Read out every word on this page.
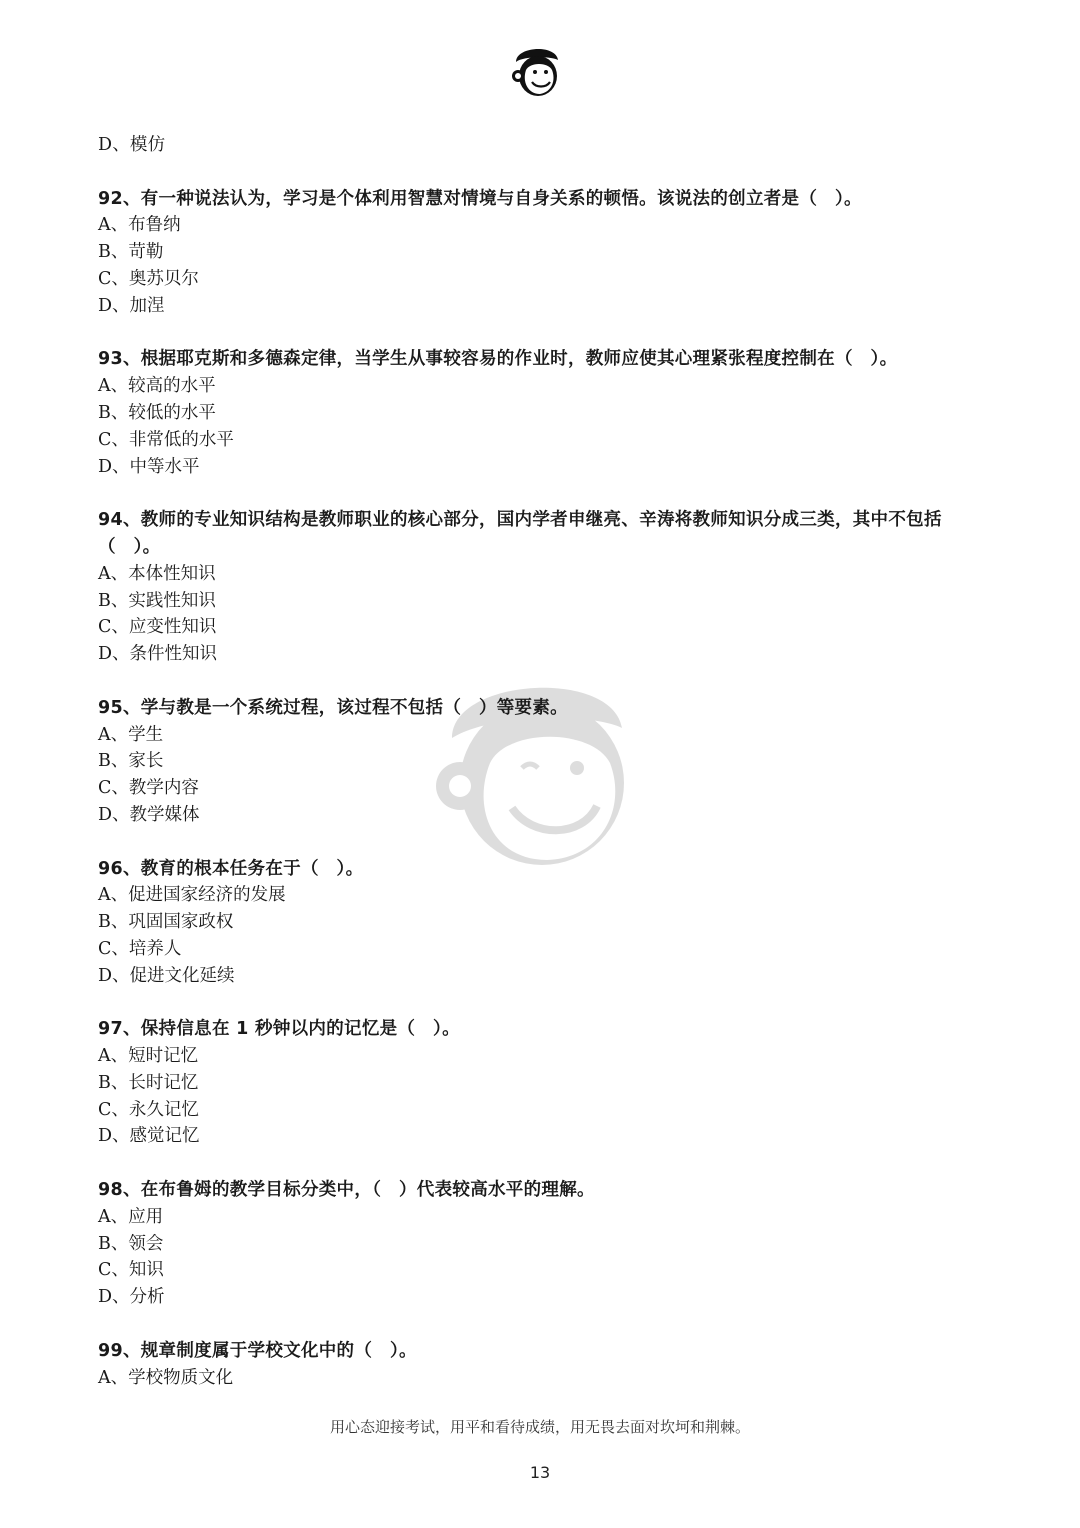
D、模仿
92、有一种说法认为，学习是个体利用智慧对情境与自身关系的顿悟。该说法的创立者是（　）。
A、布鲁纳
B、苛勒
C、奥苏贝尔
D、加涅
93、根据耶克斯和多德森定律，当学生从事较容易的作业时，教师应使其心理紧张程度控制在（　）。
A、较高的水平
B、较低的水平
C、非常低的水平
D、中等水平
94、教师的专业知识结构是教师职业的核心部分，国内学者申继亮、辛涛将教师知识分成三类，其中不包括（　）。
A、本体性知识
B、实践性知识
C、应变性知识
D、条件性知识
95、学与教是一个系统过程，该过程不包括（　）等要素。
A、学生
B、家长
C、教学内容
D、教学媒体
96、教育的根本任务在于（　）。
A、促进国家经济的发展
B、巩固国家政权
C、培养人
D、促进文化延续
97、保持信息在 1 秒钟以内的记忆是（　）。
A、短时记忆
B、长时记忆
C、永久记忆
D、感觉记忆
98、在布鲁姆的教学目标分类中，（　）代表较高水平的理解。
A、应用
B、领会
C、知识
D、分析
99、规章制度属于学校文化中的（　）。
A、学校物质文化
用心态迎接考试，用平和看待成绩，用无畏去面对坎坷和荆棘。
13
